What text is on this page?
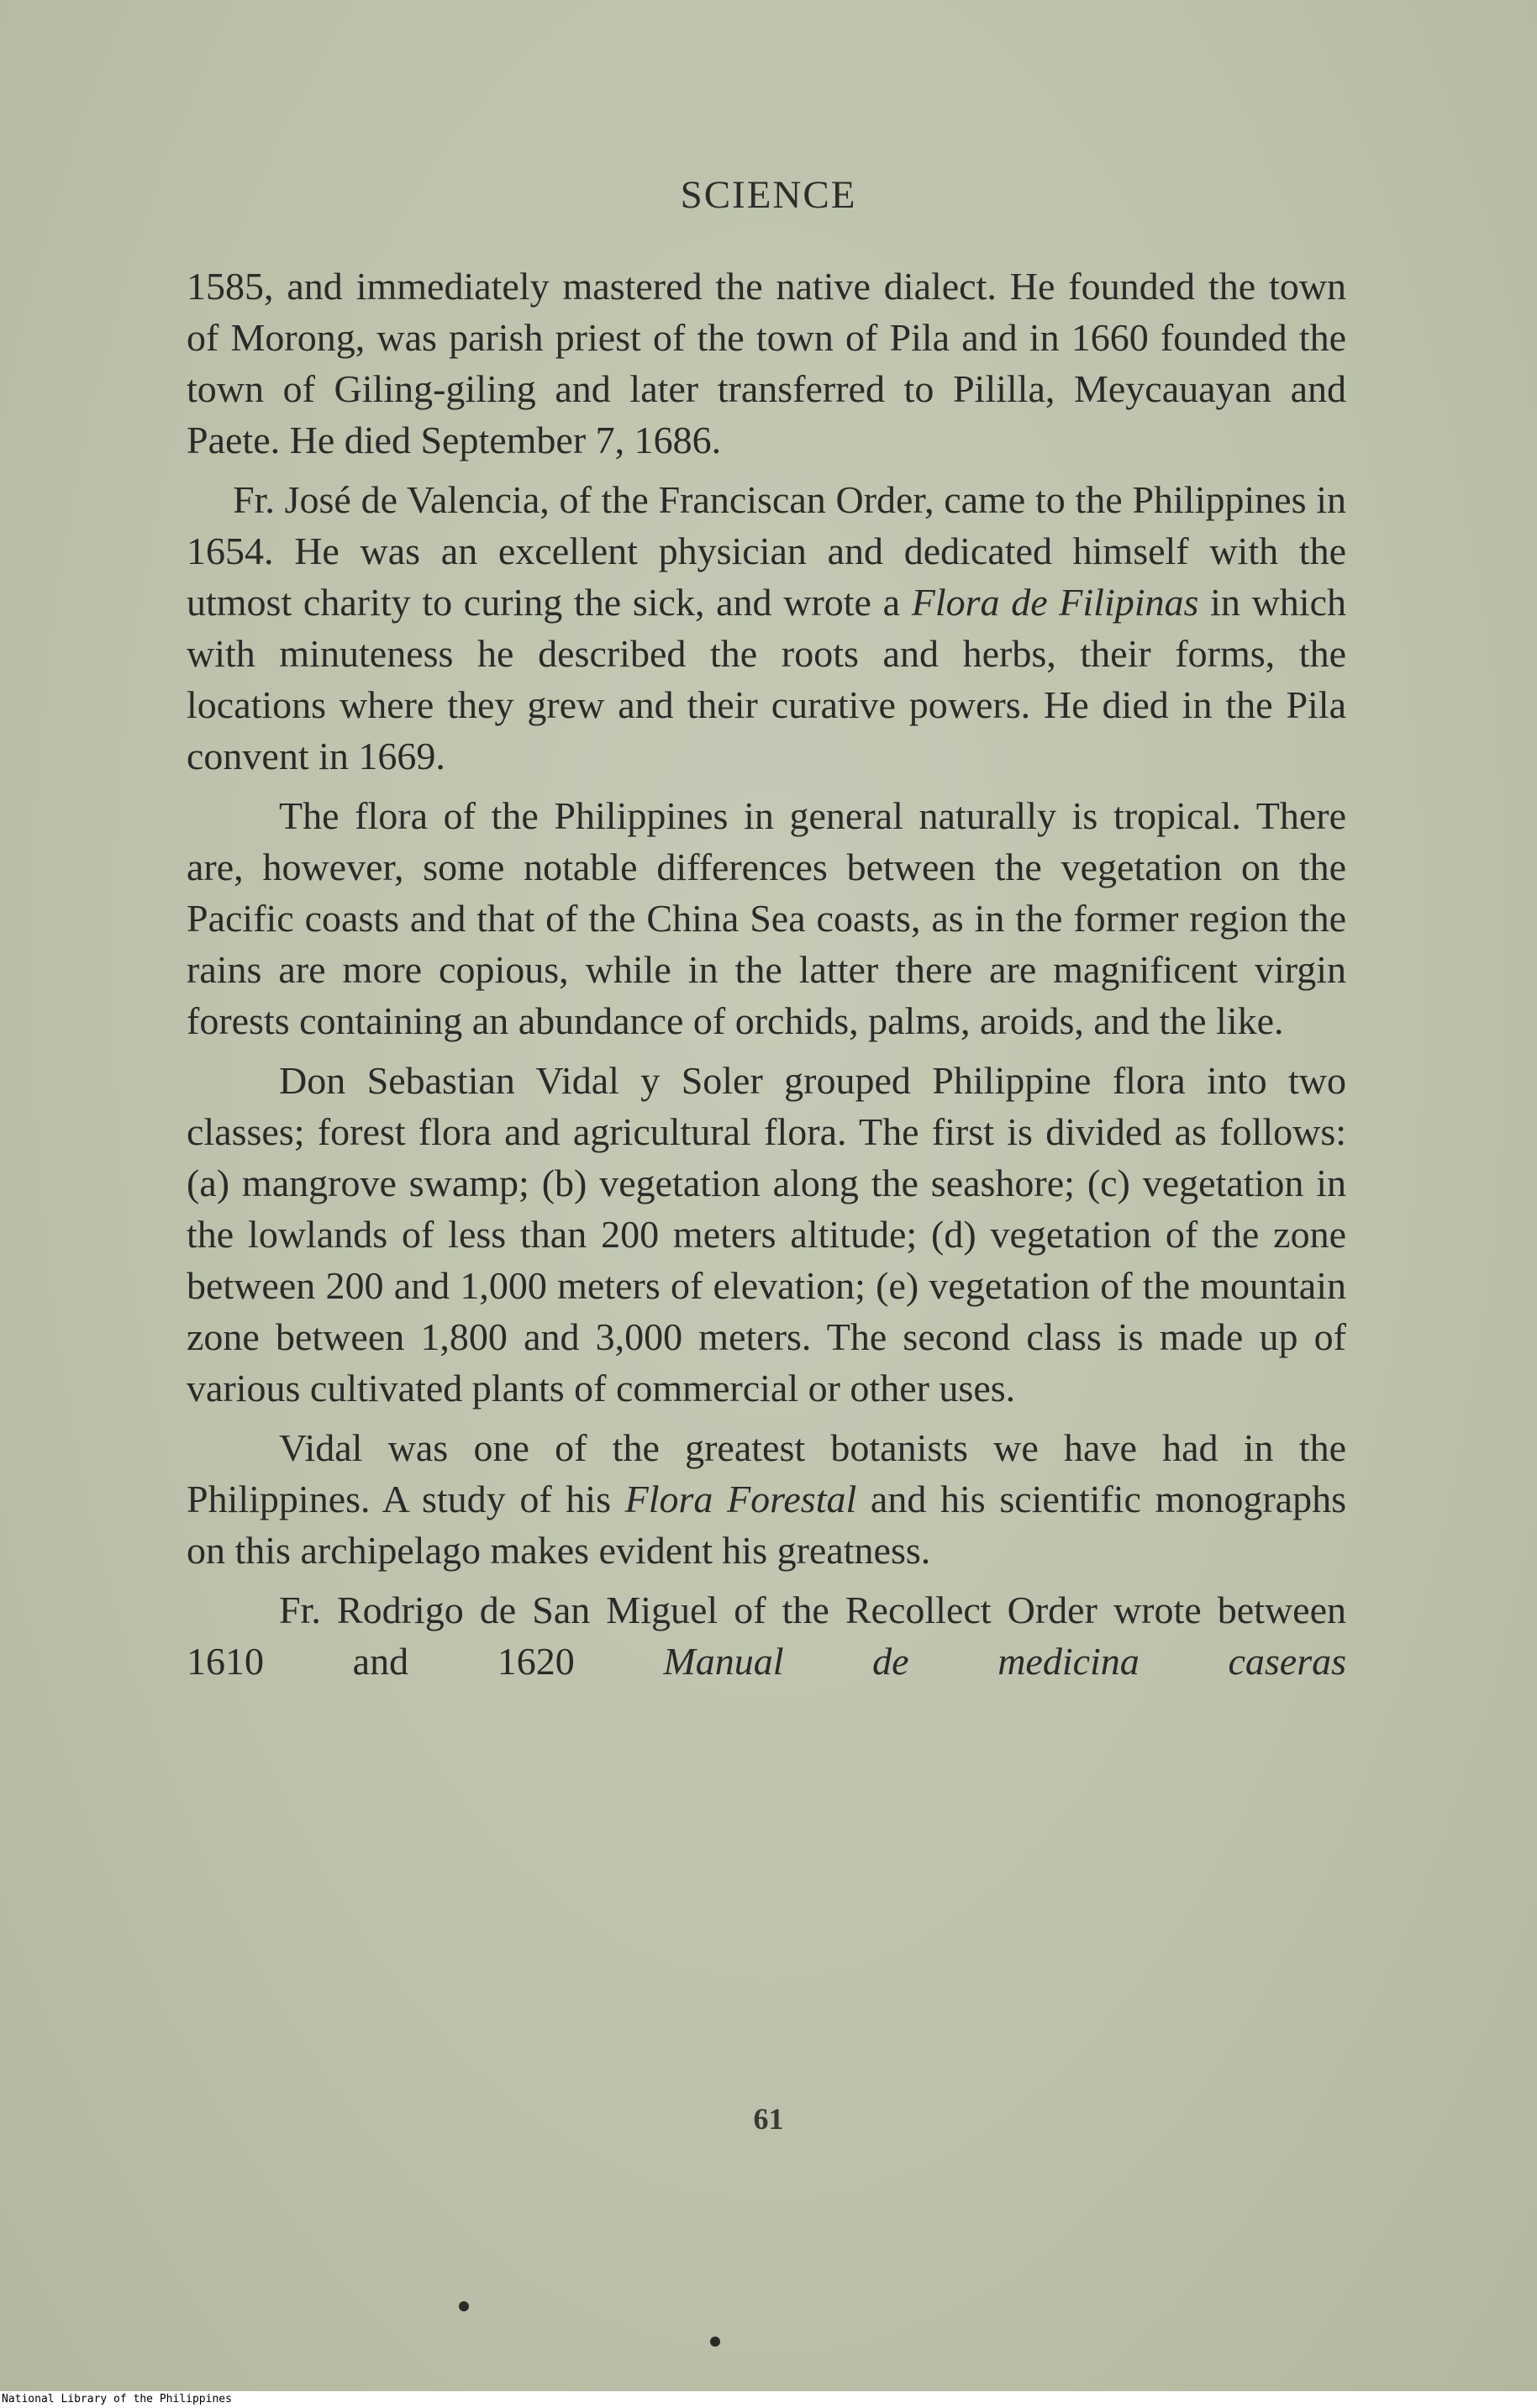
SCIENCE

1585, and immediately mastered the native dialect. He founded the town of Morong, was parish priest of the town of Pila and in 1660 founded the town of Giling-giling and later transferred to Pililla, Meycauayan and Paete. He died September 7, 1686.

Fr. José de Valencia, of the Franciscan Order, came to the Philippines in 1654. He was an excellent physician and dedicated himself with the utmost charity to curing the sick, and wrote a Flora de Filipinas in which with minuteness he described the roots and herbs, their forms, the locations where they grew and their curative powers. He died in the Pila convent in 1669.

The flora of the Philippines in general naturally is tropical. There are, however, some notable differences between the vegetation on the Pacific coasts and that of the China Sea coasts, as in the former region the rains are more copious, while in the latter there are magnificent virgin forests containing an abundance of orchids, palms, aroids, and the like.

Don Sebastian Vidal y Soler grouped Philippine flora into two classes; forest flora and agricultural flora. The first is divided as follows: (a) mangrove swamp; (b) vegetation along the seashore; (c) vegetation in the lowlands of less than 200 meters altitude; (d) vegetation of the zone between 200 and 1,000 meters of elevation; (e) vegetation of the mountain zone between 1,800 and 3,000 meters. The second class is made up of various cultivated plants of commercial or other uses.

Vidal was one of the greatest botanists we have had in the Philippines. A study of his Flora Forestal and his scientific monographs on this archipelago makes evident his greatness.

Fr. Rodrigo de San Miguel of the Recollect Order wrote between 1610 and 1620 Manual de medicina caseras

61
National Library of the Philippines
